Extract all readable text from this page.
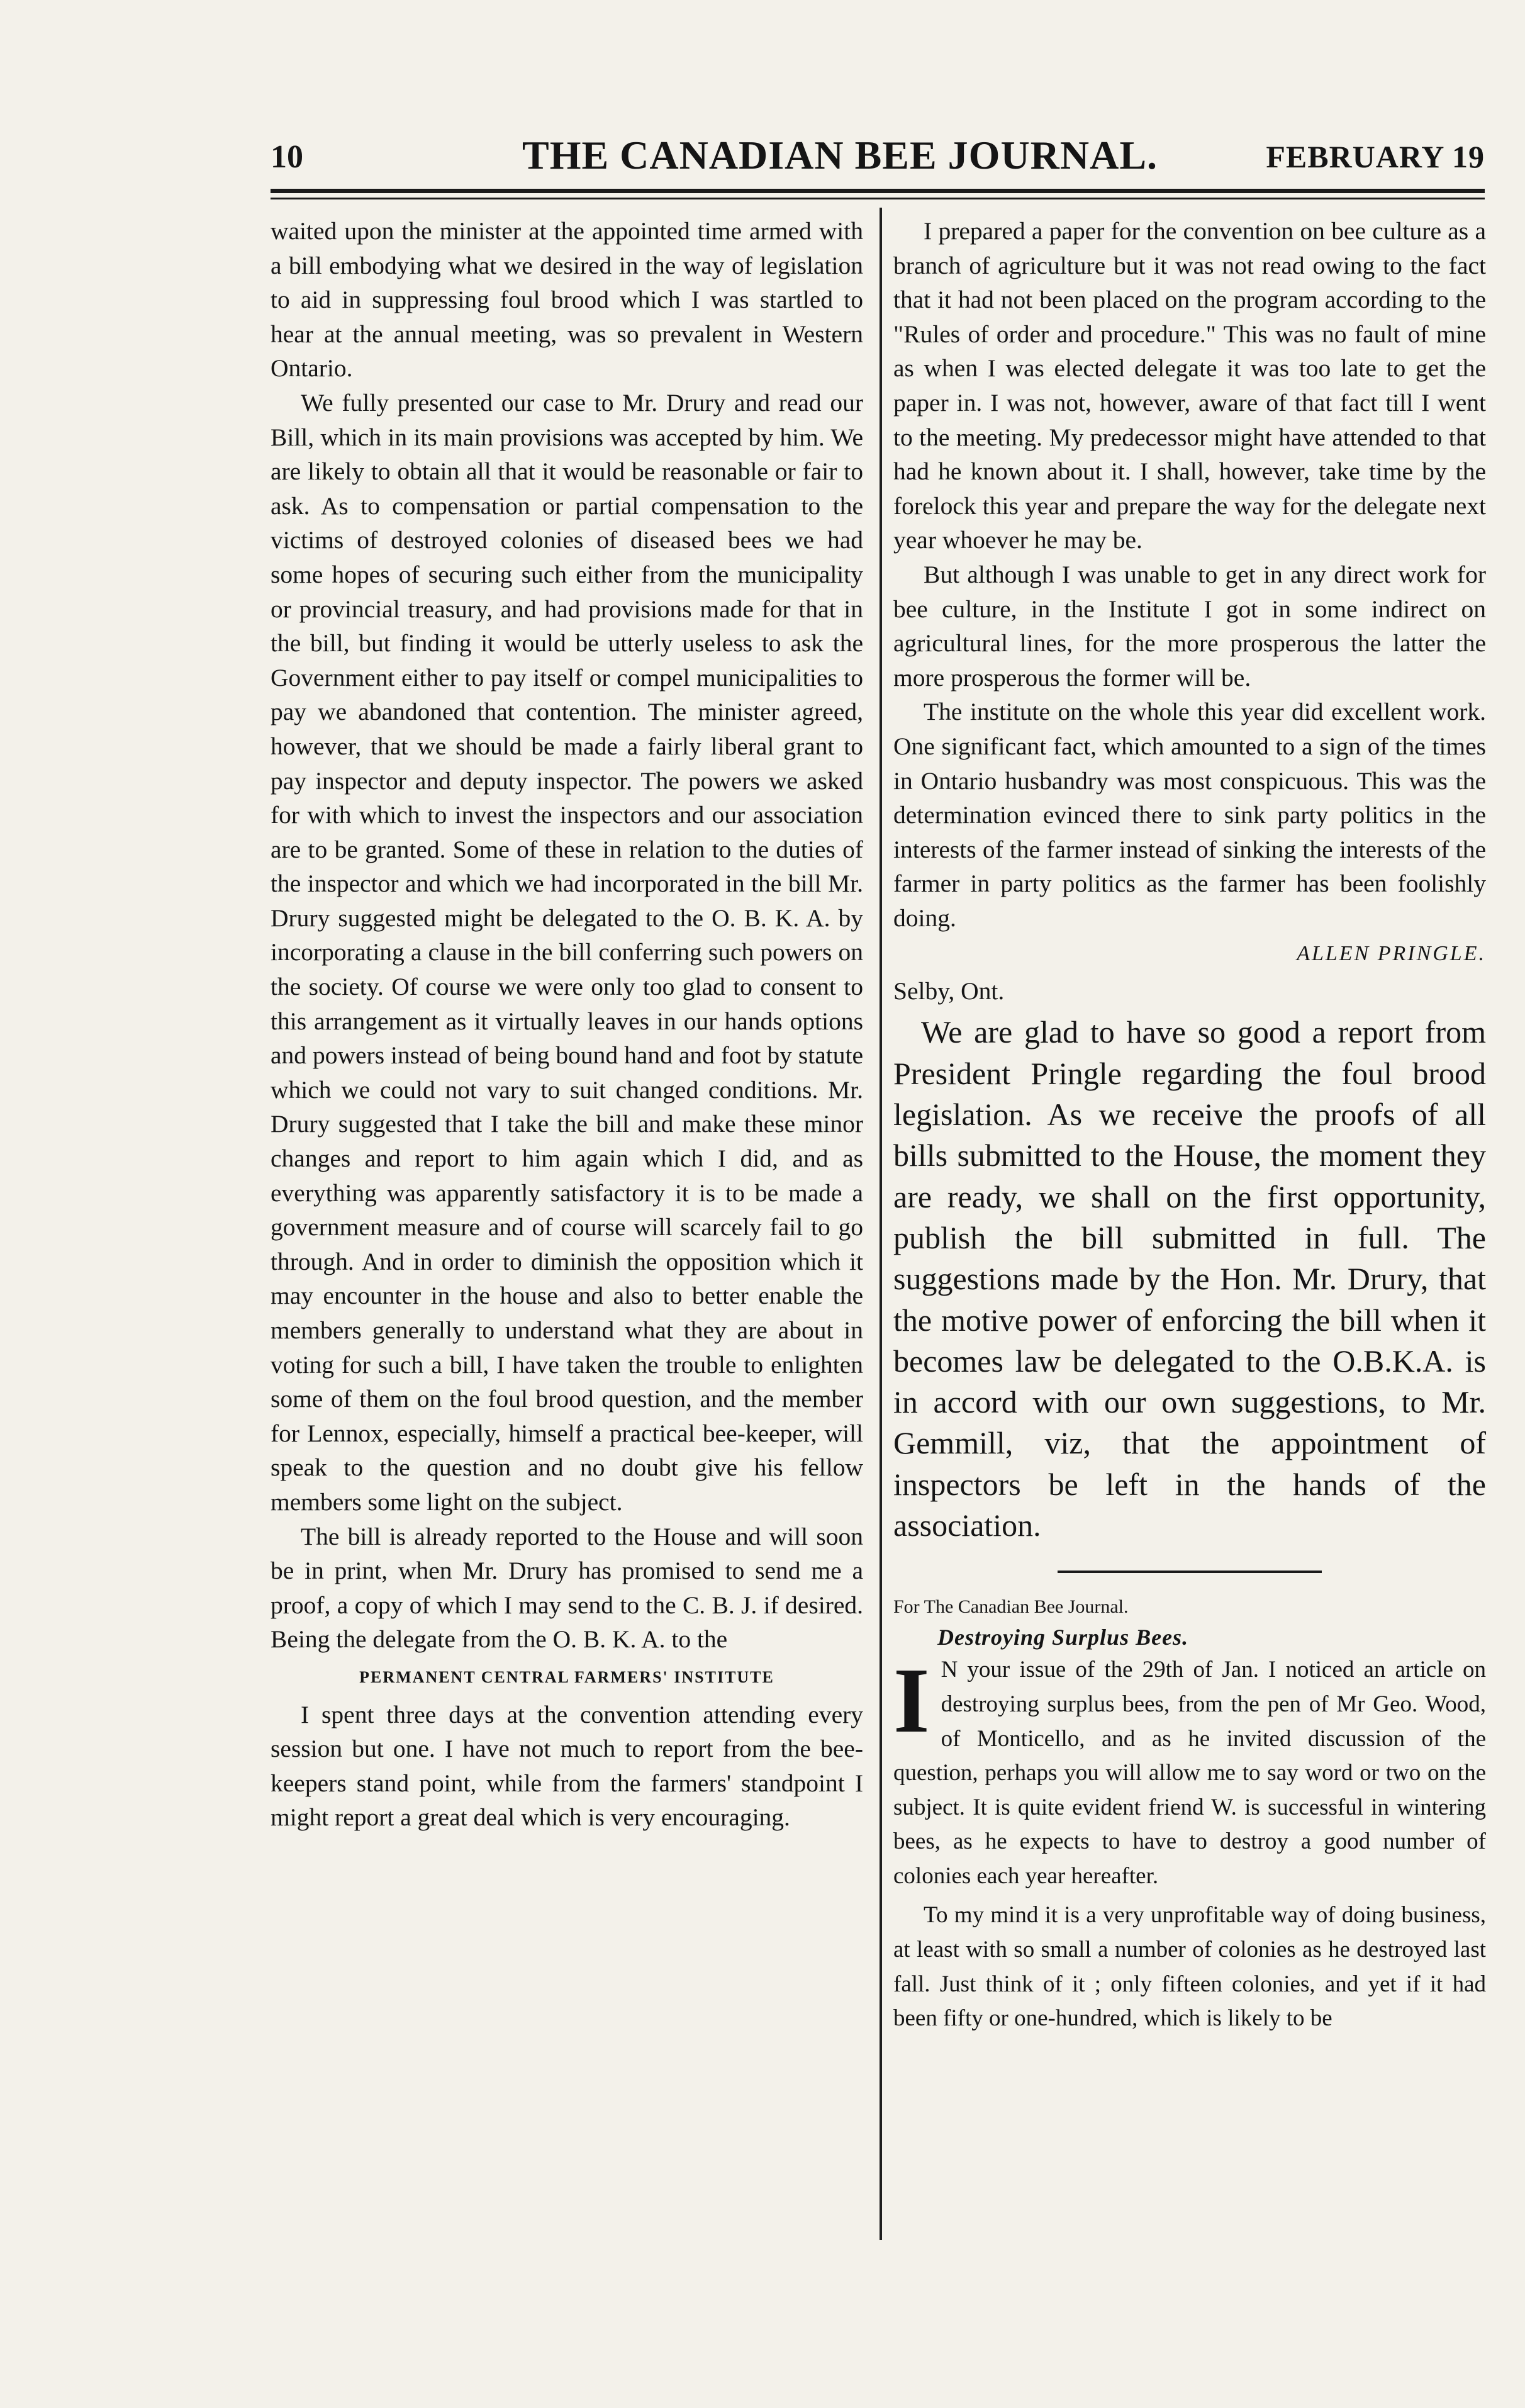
10	THE CANADIAN BEE JOURNAL.	FEBRUARY 19

waited upon the minister at the appointed time armed with a bill embodying what we desired in the way of legislation to aid in suppressing foul brood which I was startled to hear at the annual meeting, was so prevalent in Western Ontario.

We fully presented our case to Mr. Drury and read our Bill, which in its main provisions was accepted by him. We are likely to obtain all that it would be reasonable or fair to ask. As to compensation or partial compensation to the victims of destroyed colonies of diseased bees we had some hopes of securing such either from the municipality or provincial treasury, and had provisions made for that in the bill, but finding it would be utterly useless to ask the Government either to pay itself or compel municipalities to pay we abandoned that contention. The minister agreed, however, that we should be made a fairly liberal grant to pay inspector and deputy inspector. The powers we asked for with which to invest the inspectors and our association are to be granted. Some of these in relation to the duties of the inspector and which we had incorporated in the bill Mr. Drury suggested might be delegated to the O. B. K. A. by incorporating a clause in the bill conferring such powers on the society. Of course we were only too glad to consent to this arrangement as it virtually leaves in our hands options and powers instead of being bound hand and foot by statute which we could not vary to suit changed conditions. Mr. Drury suggested that I take the bill and make these minor changes and report to him again which I did, and as everything was apparently satisfactory it is to be made a government measure and of course will scarcely fail to go through. And in order to diminish the opposition which it may encounter in the house and also to better enable the members generally to understand what they are about in voting for such a bill, I have taken the trouble to enlighten some of them on the foul brood question, and the member for Lennox, especially, himself a practical bee-keeper, will speak to the question and no doubt give his fellow members some light on the subject.

The bill is already reported to the House and will soon be in print, when Mr. Drury has promised to send me a proof, a copy of which I may send to the C. B. J. if desired. Being the delegate from the O. B. K. A. to the

PERMANENT CENTRAL FARMERS' INSTITUTE

I spent three days at the convention attending every session but one. I have not much to report from the bee-keepers stand point, while from the farmers' standpoint I might report a great deal which is very encouraging.

I prepared a paper for the convention on bee culture as a branch of agriculture but it was not read owing to the fact that it had not been placed on the program according to the "Rules of order and procedure." This was no fault of mine as when I was elected delegate it was too late to get the paper in. I was not, however, aware of that fact till I went to the meeting. My predecessor might have attended to that had he known about it. I shall, however, take time by the forelock this year and prepare the way for the delegate next year whoever he may be.

But although I was unable to get in any direct work for bee culture, in the Institute I got in some indirect on agricultural lines, for the more prosperous the latter the more prosperous the former will be.

The institute on the whole this year did excellent work. One significant fact, which amounted to a sign of the times in Ontario husbandry was most conspicuous. This was the determination evinced there to sink party politics in the interests of the farmer instead of sinking the interests of the farmer in party politics as the farmer has been foolishly doing.

ALLEN PRINGLE.
Selby, Ont.

We are glad to have so good a report from President Pringle regarding the foul brood legislation. As we receive the proofs of all bills submitted to the House, the moment they are ready, we shall on the first opportunity, publish the bill submitted in full. The suggestions made by the Hon. Mr. Drury, that the motive power of enforcing the bill when it becomes law be delegated to the O.B.K.A. is in accord with our own suggestions, to Mr. Gemmill, viz, that the appointment of inspectors be left in the hands of the association.

For The Canadian Bee Journal.
Destroying Surplus Bees.

I N your issue of the 29th of Jan. I noticed an article on destroying surplus bees, from the pen of Mr Geo. Wood, of Monticello, and as he invited discussion of the question, perhaps you will allow me to say word or two on the subject. It is quite evident friend W. is successful in wintering bees, as he expects to have to destroy a good number of colonies each year hereafter.

To my mind it is a very unprofitable way of doing business, at least with so small a number of colonies as he destroyed last fall. Just think of it ; only fifteen colonies, and yet if it had been fifty or one-hundred, which is likely to be
